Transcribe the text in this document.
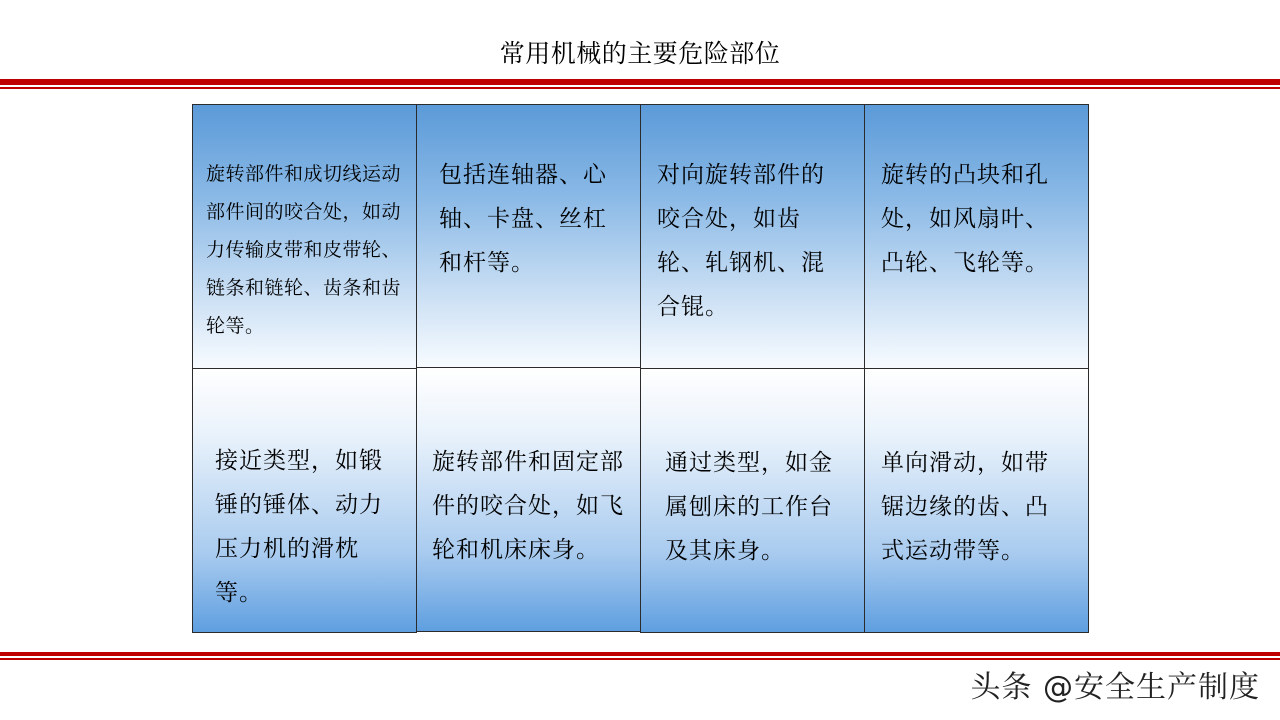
常用机械的主要危险部位

旋转部件和成切线运动部件间的咬合处，如动力传输皮带和皮带轮、链条和链轮、齿条和齿轮等。

包括连轴器、心轴、卡盘、丝杠和杆等。

对向旋转部件的咬合处，如齿轮、轧钢机、混合锟。

旋转的凸块和孔处，如风扇叶、凸轮、飞轮等。

接近类型，如锻锤的锤体、动力压力机的滑枕等。

旋转部件和固定部件的咬合处，如飞轮和机床床身。

通过类型，如金属刨床的工作台及其床身。

单向滑动，如带锯边缘的齿、凸式运动带等。

头条 @安全生产制度
